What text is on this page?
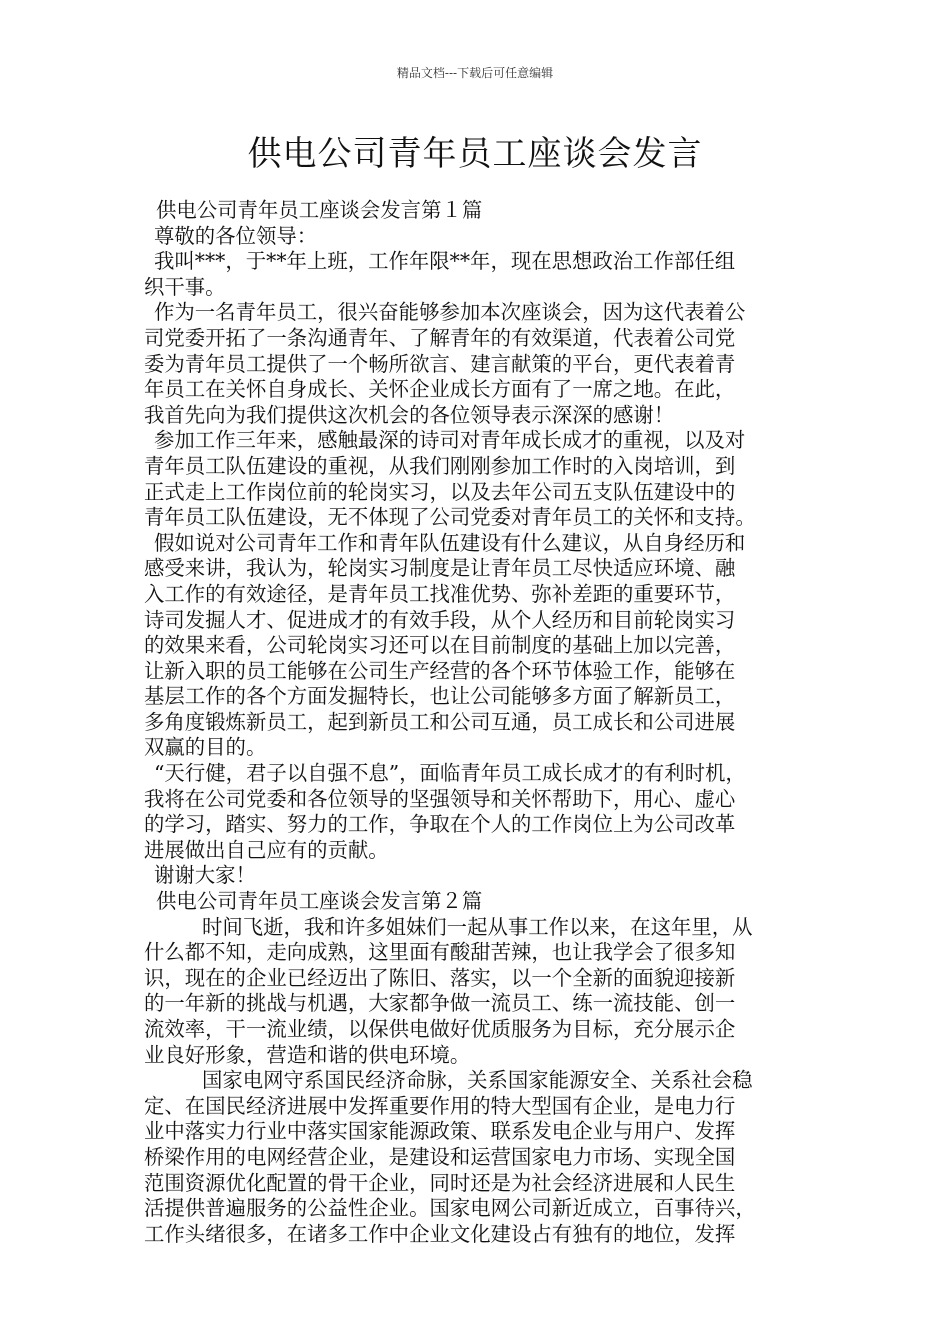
精品文档---下载后可任意编辑
供电公司青年员工座谈会发言

供电公司青年员工座谈会发言第１篇

尊敬的各位领导：

我叫***，于**年上班，工作年限**年，现在思想政治工作部任组

织干事。

作为一名青年员工，很兴奋能够参加本次座谈会，因为这代表着公

司党委开拓了一条沟通青年、了解青年的有效渠道，代表着公司党

委为青年员工提供了一个畅所欲言、建言献策的平台，更代表着青

年员工在关怀自身成长、关怀企业成长方面有了一席之地。在此，

我首先向为我们提供这次机会的各位领导表示深深的感谢！

参加工作三年来，感触最深的诗司对青年成长成才的重视，以及对

青年员工队伍建设的重视，从我们刚刚参加工作时的入岗培训，到

正式走上工作岗位前的轮岗实习，以及去年公司五支队伍建设中的

青年员工队伍建设，无不体现了公司党委对青年员工的关怀和支持。

假如说对公司青年工作和青年队伍建设有什么建议，从自身经历和

感受来讲，我认为，轮岗实习制度是让青年员工尽快适应环境、融

入工作的有效途径，是青年员工找准优势、弥补差距的重要环节，

诗司发掘人才、促进成才的有效手段，从个人经历和目前轮岗实习

的效果来看，公司轮岗实习还可以在目前制度的基础上加以完善，

让新入职的员工能够在公司生产经营的各个环节体验工作，能够在

基层工作的各个方面发掘特长，也让公司能够多方面了解新员工，

多角度锻炼新员工，起到新员工和公司互通，员工成长和公司进展

双赢的目的。

“天行健，君子以自强不息”，面临青年员工成长成才的有利时机，

我将在公司党委和各位领导的坚强领导和关怀帮助下，用心、虚心

的学习，踏实、努力的工作，争取在个人的工作岗位上为公司改革

进展做出自己应有的贡献。

谢谢大家！

供电公司青年员工座谈会发言第２篇

时间飞逝，我和许多姐妹们一起从事工作以来，在这年里，从

什么都不知，走向成熟，这里面有酸甜苦辣，也让我学会了很多知

识，现在的企业已经迈出了陈旧、落实，以一个全新的面貌迎接新

的一年新的挑战与机遇，大家都争做一流员工、练一流技能、创一

流效率，干一流业绩，以保供电做好优质服务为目标，充分展示企

业良好形象，营造和谐的供电环境。

国家电网守系国民经济命脉，关系国家能源安全、关系社会稳

定、在国民经济进展中发挥重要作用的特大型国有企业，是电力行

业中落实力行业中落实国家能源政策、联系发电企业与用户、发挥

桥梁作用的电网经营企业，是建设和运营国家电力市场、实现全国

范围资源优化配置的骨干企业，同时还是为社会经济进展和人民生

活提供普遍服务的公益性企业。国家电网公司新近成立，百事待兴，

工作头绪很多，在诸多工作中企业文化建设占有独有的地位，发挥
